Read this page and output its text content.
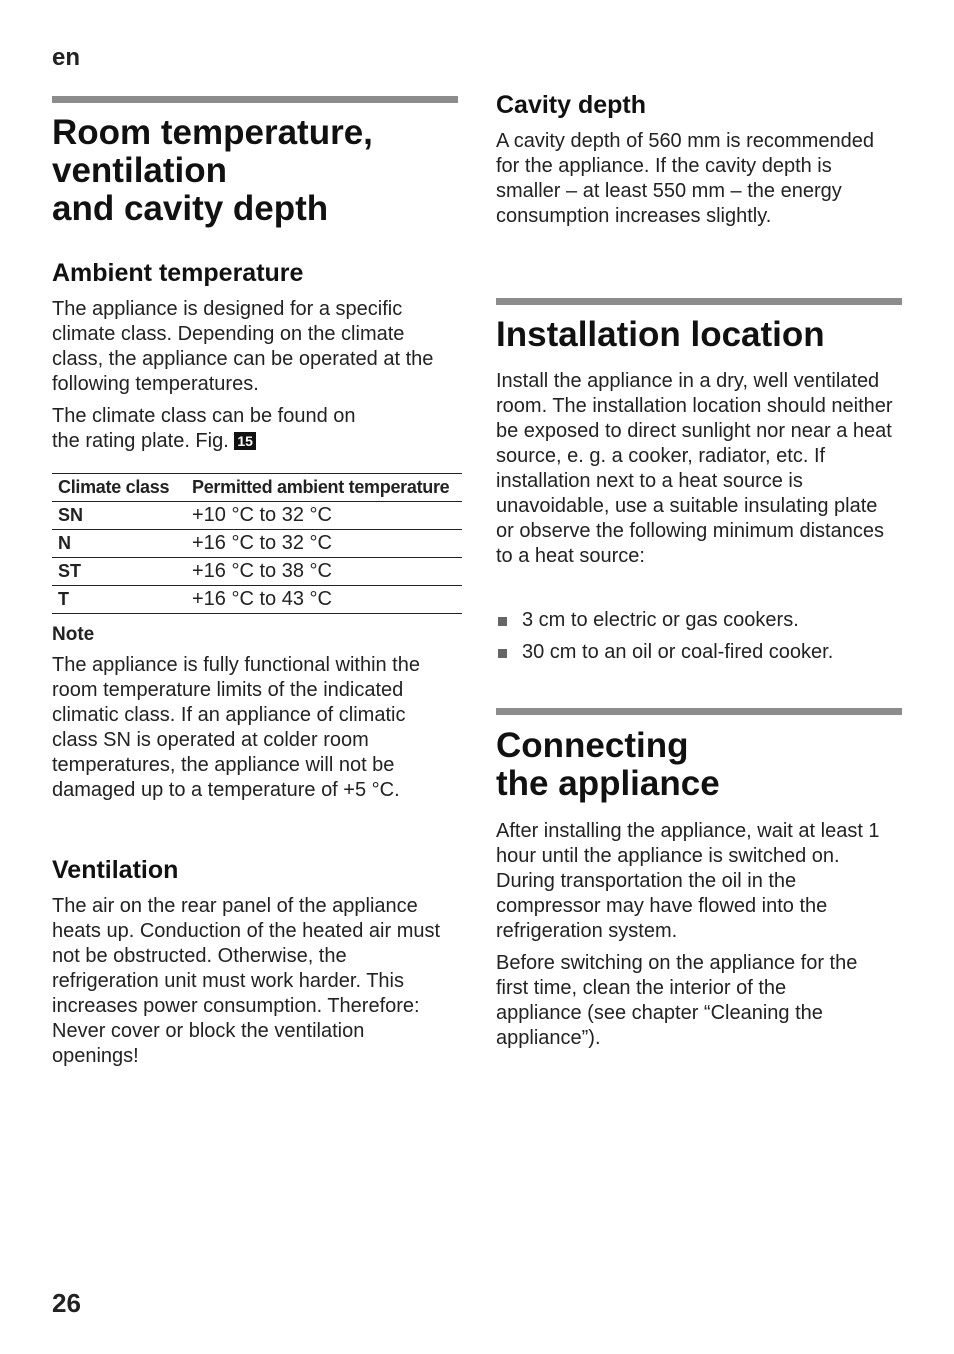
en
Room temperature,
ventilation
and cavity depth
Ambient temperature

The appliance is designed for a specific climate class. Depending on the climate class, the appliance can be operated at the following temperatures.

The climate class can be found on
the rating plate. Fig. 15

Climate class	Permitted ambient temperature
SN	+10 °C to 32 °C
N	+16 °C to 32 °C
ST	+16 °C to 38 °C
T	+16 °C to 43 °C
Note

The appliance is fully functional within the room temperature limits of the indicated climatic class. If an appliance of climatic class SN is operated at colder room temperatures, the appliance will not be damaged up to a temperature of +5 °C.

Ventilation

The air on the rear panel of the appliance heats up. Conduction of the heated air must not be obstructed. Otherwise, the refrigeration unit must work harder. This increases power consumption. Therefore: Never cover or block the ventilation openings!

Cavity depth

A cavity depth of 560 mm is recommended for the appliance. If the cavity depth is smaller – at least 550 mm – the energy consumption increases slightly.

Installation location

Install the appliance in a dry, well ventilated room. The installation location should neither be exposed to direct sunlight nor near a heat source, e. g. a cooker, radiator, etc. If installation next to a heat source is unavoidable, use a suitable insulating plate or observe the following minimum distances to a heat source:

3 cm to electric or gas cookers.
30 cm to an oil or coal-fired cooker.
Connecting
the appliance

After installing the appliance, wait at least 1 hour until the appliance is switched on. During transportation the oil in the compressor may have flowed into the refrigeration system.

Before switching on the appliance for the first time, clean the interior of the appliance (see chapter “Cleaning the appliance”).

26
